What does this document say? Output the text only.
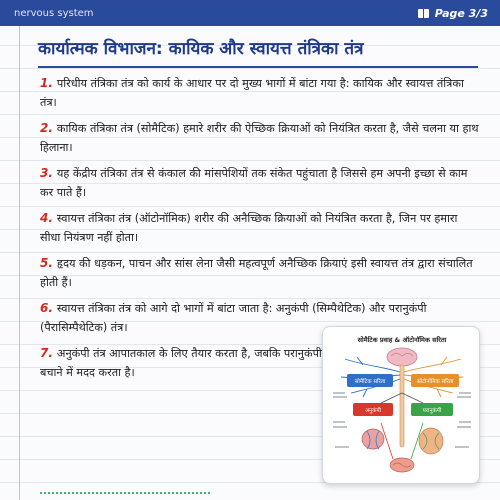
nervous system	Page 3/3
कार्यात्मक विभाजन: कायिक और स्वायत्त तंत्रिका तंत्र

1. परिधीय तंत्रिका तंत्र को कार्य के आधार पर दो मुख्य भागों में बांटा गया है: कायिक और स्वायत्त तंत्रिका तंत्र।

2. कायिक तंत्रिका तंत्र (सोमैटिक) हमारे शरीर की ऐच्छिक क्रियाओं को नियंत्रित करता है, जैसे चलना या हाथ हिलाना।

3. यह केंद्रीय तंत्रिका तंत्र से कंकाल की मांसपेशियों तक संकेत पहुंचाता है जिससे हम अपनी इच्छा से काम कर पाते हैं।

4. स्वायत्त तंत्रिका तंत्र (ऑटोनॉमिक) शरीर की अनैच्छिक क्रियाओं को नियंत्रित करता है, जिन पर हमारा सीधा नियंत्रण नहीं होता।

5. हृदय की धड़कन, पाचन और सांस लेना जैसी महत्वपूर्ण अनैच्छिक क्रियाएं इसी स्वायत्त तंत्र द्वारा संचालित होती हैं।

6. स्वायत्त तंत्रिका तंत्र को आगे दो भागों में बांटा जाता है: अनुकंपी (सिम्पैथेटिक) और परानुकंपी (पैरासिम्पैथेटिक) तंत्र।

7. अनुकंपी तंत्र आपातकाल के लिए तैयार करता है, जबकि परानुकंपी बचाने में मदद करता है।

सोमैटिक प्रवाह & ऑटोनॉमिक सरिता
सोमैटिक सरिता	ऑटोनॉमिक सरिता
अनुकंपी	परानुकंपी
